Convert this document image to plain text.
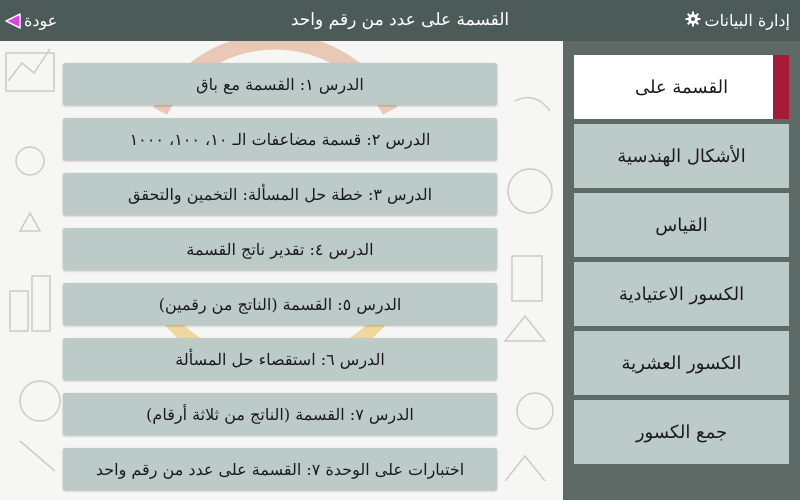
القسمة على عدد من رقم واحد
عودة	إدارة البيانات
الدرس ١: القسمة مع باق
الدرس ٢: قسمة مضاعفات الـ ١٠، ١٠٠، ١٠٠٠
الدرس ٣: خطة حل المسألة: التخمين والتحقق
الدرس ٤: تقدير ناتج القسمة
الدرس ٥: القسمة (الناتج من رقمين)
الدرس ٦: استقصاء حل المسألة
الدرس ٧: القسمة (الناتج من ثلاثة أرقام)
اختبارات على الوحدة ٧: القسمة على عدد من رقم واحد
القسمة على
الأشكال الهندسية
القياس
الكسور الاعتيادية
الكسور العشرية
جمع الكسور
